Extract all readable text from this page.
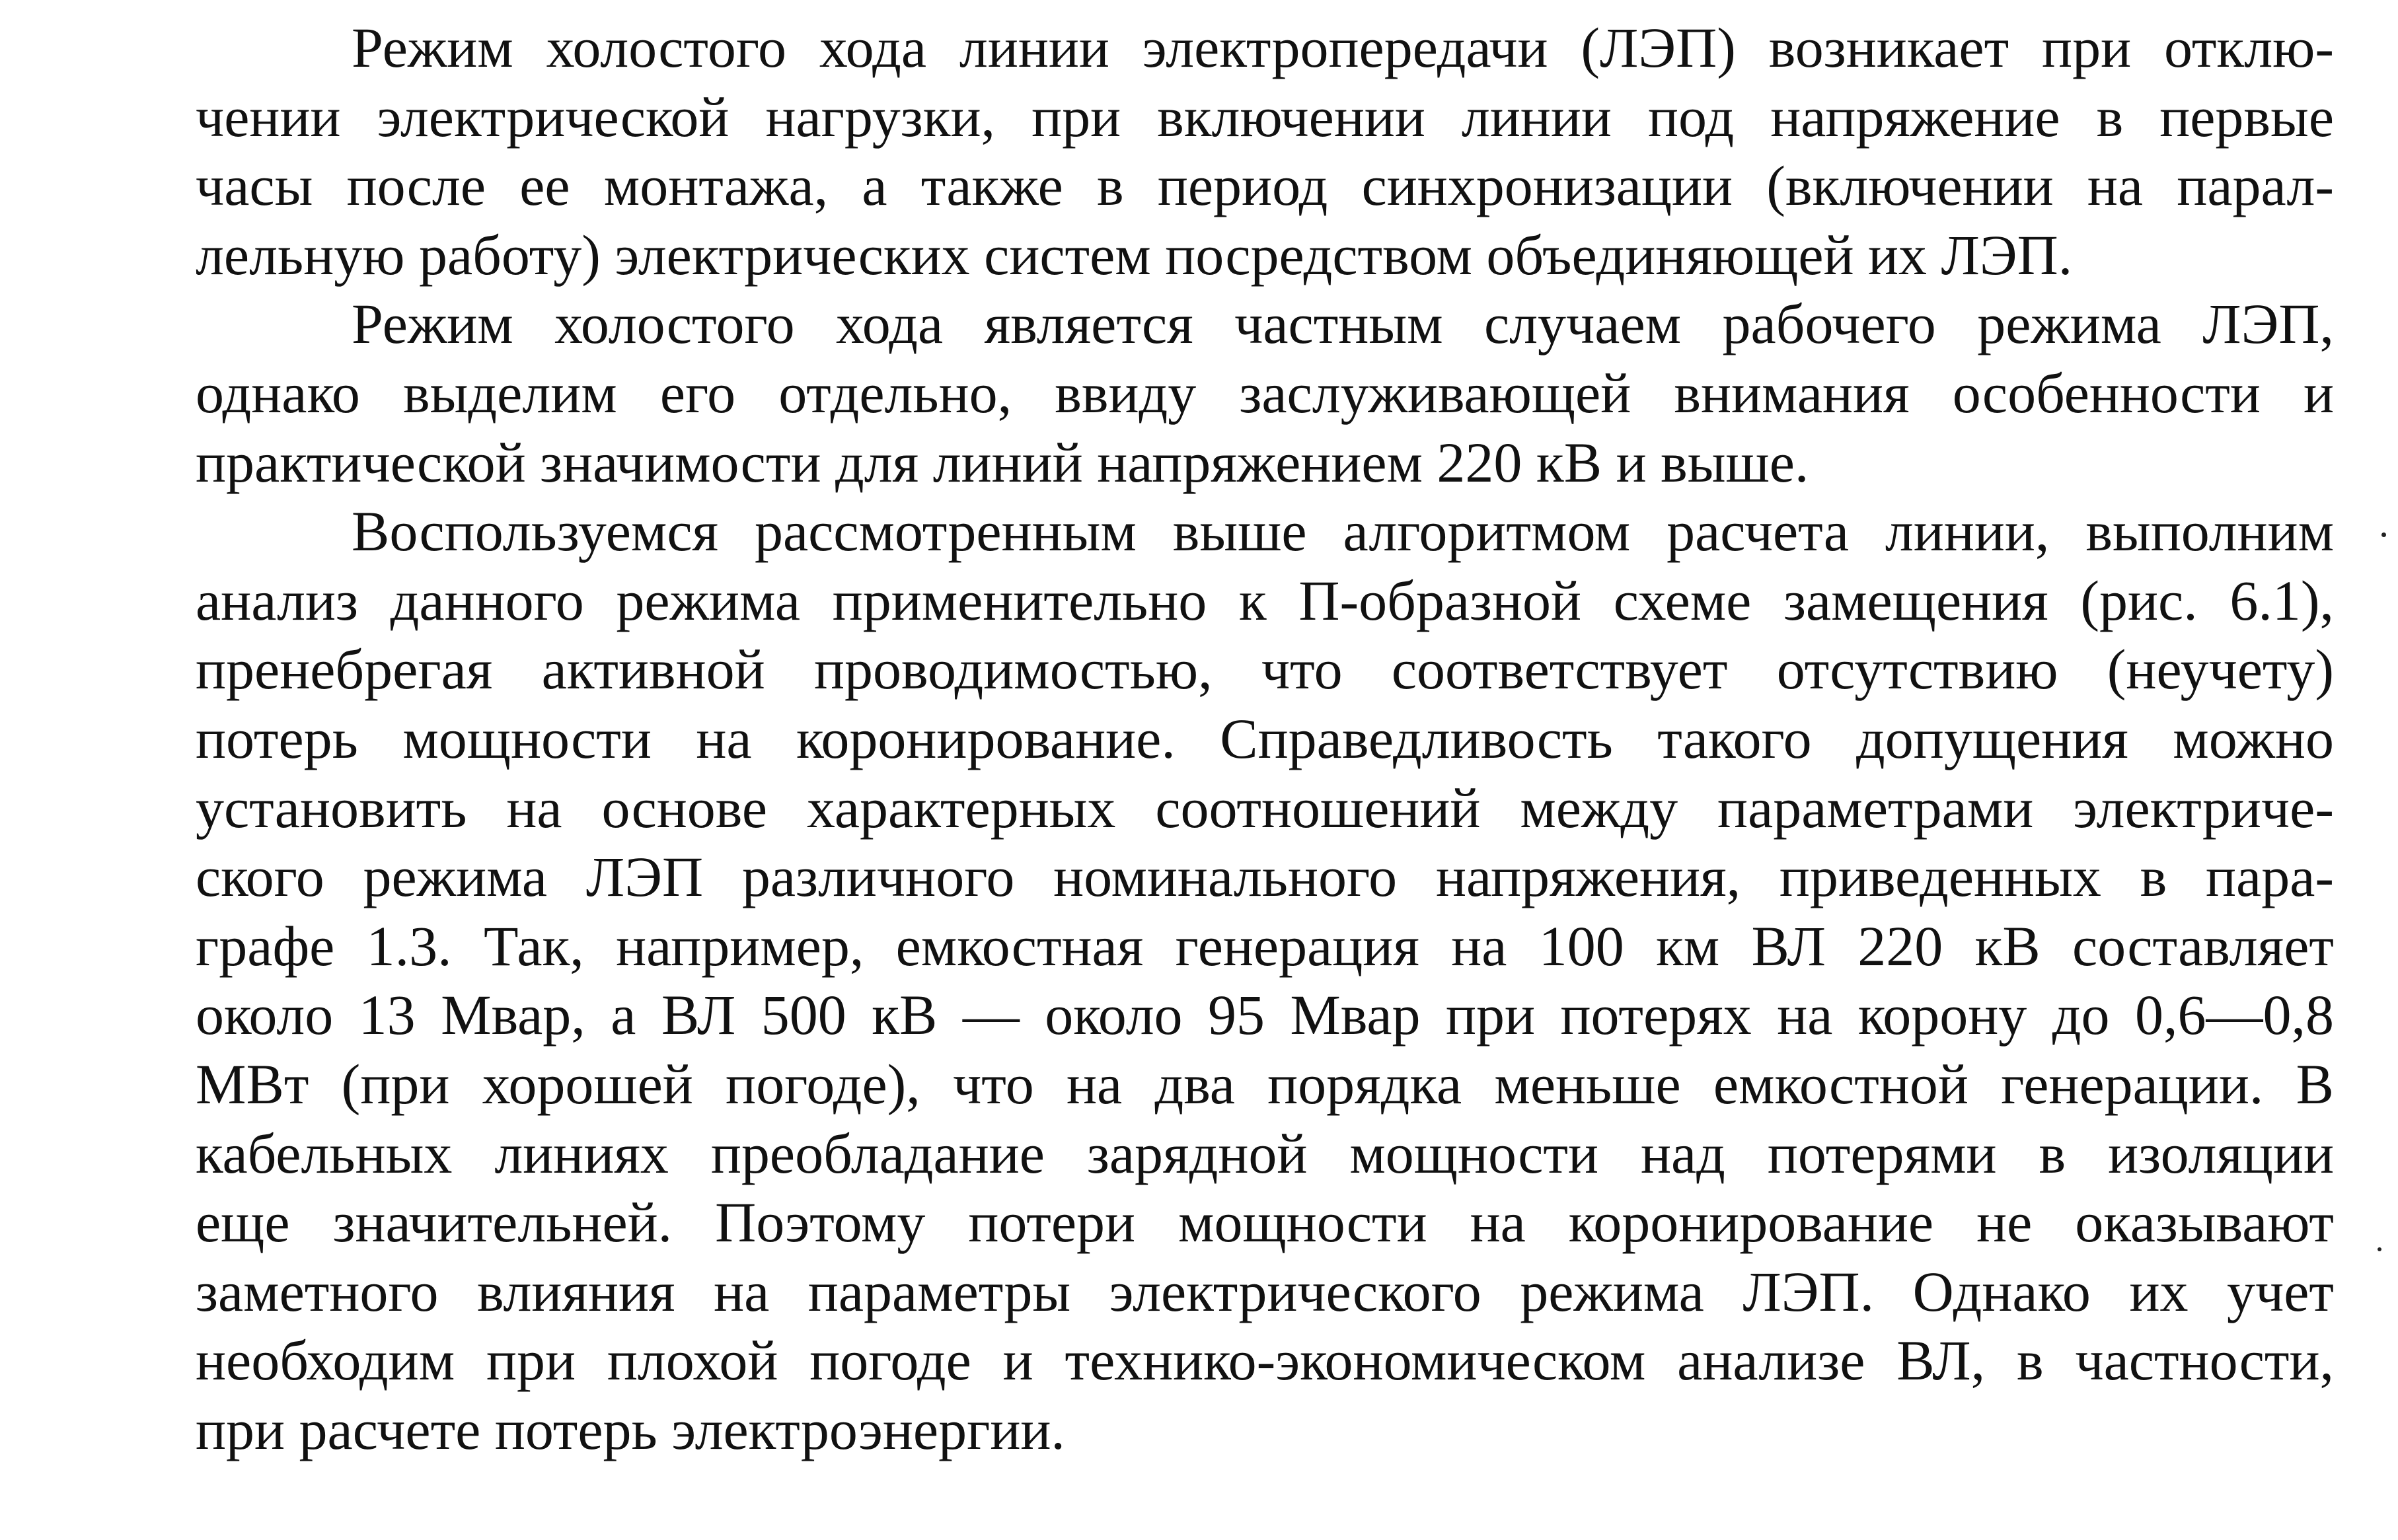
Режим холостого хода линии электропередачи (ЛЭП) возникает при отклю-
чении электрической нагрузки, при включении линии под напряжение в первые
часы после ее монтажа, а также в период синхронизации (включении на парал-
лельную работу) электрических систем посредством объединяющей их ЛЭП.
Режим холостого хода является частным случаем рабочего режима ЛЭП,
однако выделим его отдельно, ввиду заслуживающей внимания особенности и
практической значимости для линий напряжением 220 кВ и выше.
Воспользуемся рассмотренным выше алгоритмом расчета линии, выполним
анализ данного режима применительно к П-образной схеме замещения (рис. 6.1),
пренебрегая активной проводимостью, что соответствует отсутствию (неучету)
потерь мощности на коронирование. Справедливость такого допущения можно
установить на основе характерных соотношений между параметрами электриче-
ского режима ЛЭП различного номинального напряжения, приведенных в пара-
графе 1.3. Так, например, емкостная генерация на 100 км ВЛ 220 кВ составляет
около 13 Мвар, а ВЛ 500 кВ — около 95 Мвар при потерях на корону до 0,6—0,8
МВт (при хорошей погоде), что на два порядка меньше емкостной генерации. В
кабельных линиях преобладание зарядной мощности над потерями в изоляции
еще значительней. Поэтому потери мощности на коронирование не оказывают
заметного влияния на параметры электрического режима ЛЭП. Однако их учет
необходим при плохой погоде и технико-экономическом анализе ВЛ, в частности,
при расчете потерь электроэнергии.
